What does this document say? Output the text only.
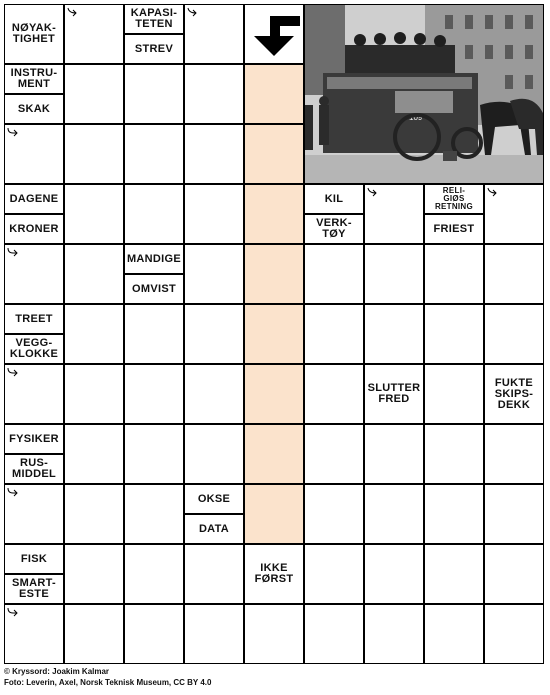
NØYAK-
TIGHET
KAPASI-
TETEN
STREV
INSTRU-
MENT
SKAK
DAGENE
KRONER
KIL
VERK-
TØY
RELI-
GIØS
RETNING
FRIEST
MANDIGE
OMVIST
TREET
VEGG-
KLOKKE
SLUTTER
FRED
FUKTE
SKIPS-
DEKK
FYSIKER
RUS-
MIDDEL
OKSE
DATA
FISK
SMART-
ESTE
IKKE
FØRST
109
© Kryssord: Joakim Kalmar
Foto: Leverin, Axel, Norsk Teknisk Museum, CC BY 4.0
